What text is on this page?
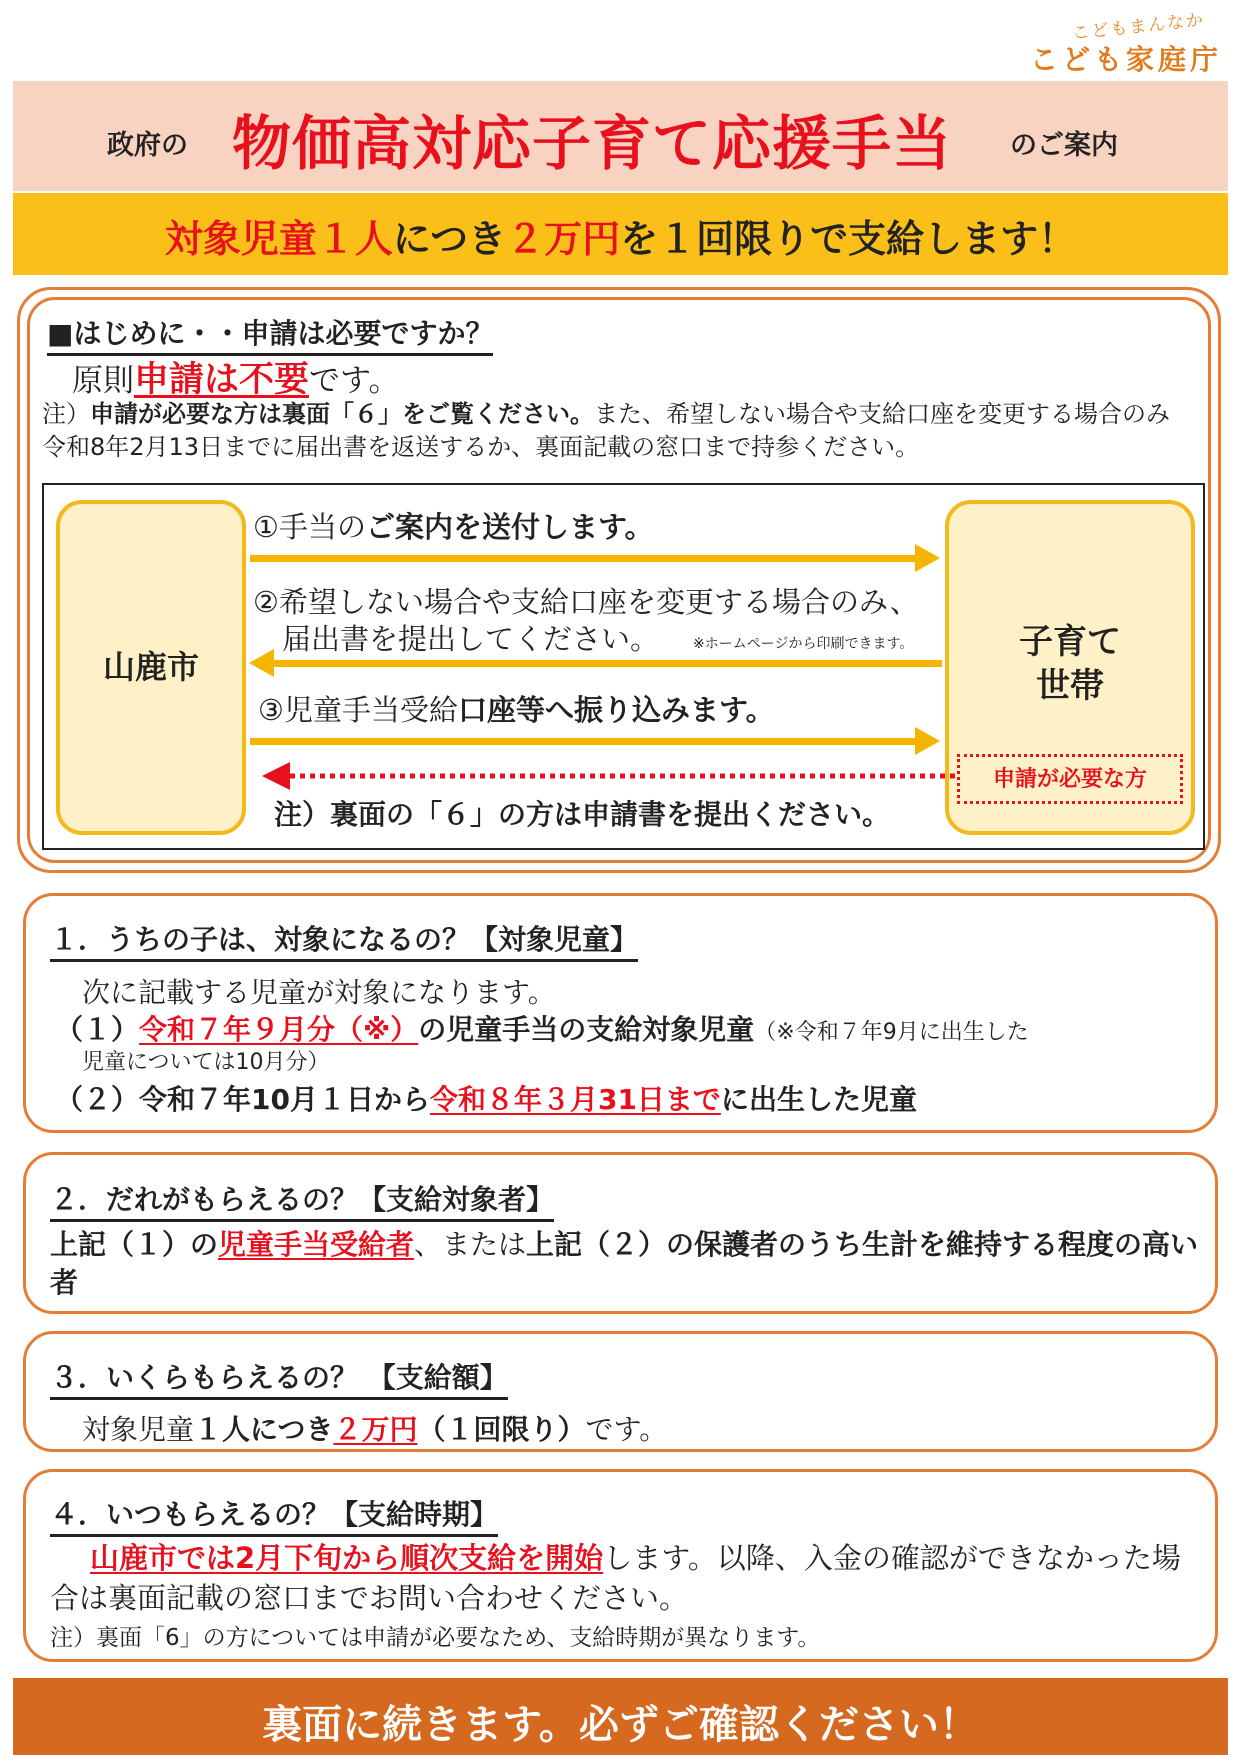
こどもまんなか
こども家庭庁
政府の 物価高対応子育て応援手当 のご案内
対象児童１人につき２万円を１回限りで支給します！
■はじめに・・申請は必要ですか？
原則申請は不要です。
注）申請が必要な方は裏面「６」をご覧ください。また、希望しない場合や支給口座を変更する場合のみ令和8年2月13日までに届出書を返送するか、裏面記載の窓口まで持参ください。
山鹿市
子育て
世帯
①手当のご案内を送付します。
②希望しない場合や支給口座を変更する場合のみ、
届出書を提出してください。 ※ホームページから印刷できます。
③児童手当受給口座等へ振り込みます。
申請が必要な方
注）裏面の「６」の方は申請書を提出ください。
１．うちの子は、対象になるの？【対象児童】
次に記載する児童が対象になります。
（１）令和７年９月分（※）の児童手当の支給対象児童（※令和７年9月に出生した
児童については10月分）
（２）令和７年10月１日から令和８年３月31日までに出生した児童
２．だれがもらえるの？【支給対象者】
上記（１）の児童手当受給者、または上記（２）の保護者のうち生計を維持する程度の高い者
３．いくらもらえるの？ 【支給額】
対象児童１人につき２万円（１回限り）です。
４．いつもらえるの？【支給時期】
山鹿市では2月下旬から順次支給を開始します。以降、入金の確認ができなかった場合は裏面記載の窓口までお問い合わせください。
注）裏面「6」の方については申請が必要なため、支給時期が異なります。
裏面に続きます。必ずご確認ください！
